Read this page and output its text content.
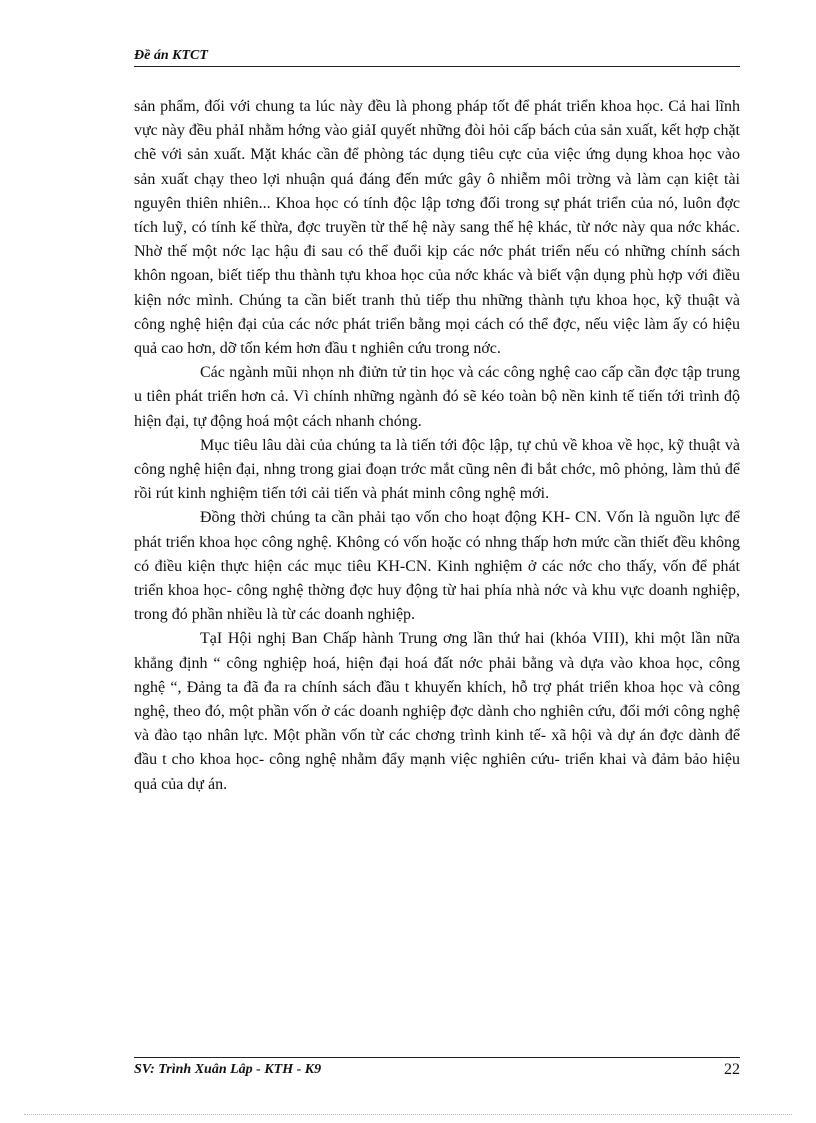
Đề án KTCT

sản phẩm, đối với chung ta lúc này đều là phong pháp tốt để phát triển khoa học. Cả hai lĩnh vực này đều phảI nhằm hớng vào giảI quyết những đòi hỏi cấp bách của sản xuất, kết hợp chặt chẽ với sản xuất. Mặt khác cần để phòng tác dụng tiêu cực của việc ứng dụng khoa học vào sản xuất chạy theo lợi nhuận quá đáng đến mức gây ô nhiễm môi trờng và làm cạn kiệt tài nguyên thiên nhiên... Khoa học có tính độc lập tơng đối trong sự phát triển của nó, luôn đợc tích luỹ, có tính kế thừa, đợc truyền từ thế hệ này sang thế hệ khác, từ nớc này qua nớc khác. Nhờ thế một nớc lạc hậu đi sau có thể đuổi kịp các nớc phát triển nếu có những chính sách khôn ngoan, biết tiếp thu thành tựu khoa học của nớc khác và biết vận dụng phù hợp với điều kiện nớc mình. Chúng ta cần biết tranh thủ tiếp thu những thành tựu khoa học, kỹ thuật và công nghệ hiện đại của các nớc phát triển bằng mọi cách có thể đợc, nếu việc làm ấy có hiệu quả cao hơn, dỡ tốn kém hơn đầu t nghiên cứu trong nớc.

Các ngành mũi nhọn nh điửn tử tin học và các công nghệ cao cấp cần đợc tập trung u tiên phát triển hơn cả. Vì chính những ngành đó sẽ kéo toàn bộ nền kinh tế tiến tới trình độ hiện đại, tự động hoá một cách nhanh chóng.

Mục tiêu lâu dài của chúng ta là tiến tới độc lập, tự chủ về khoa về học, kỹ thuật và công nghệ hiện đại, nhng trong giai đoạn trớc mắt cũng nên đi bắt chớc, mô phỏng, làm thủ để rồi rút kinh nghiệm tiến tới cải tiến và phát minh công nghệ mới.

Đồng thời chúng ta cần phải tạo vốn cho hoạt động KH- CN. Vốn là nguồn lực để phát triển khoa học công nghệ. Không có vốn hoặc có nhng thấp hơn mức cần thiết đều không có điều kiện thực hiện các mục tiêu KH-CN. Kinh nghiệm ở các nớc cho thấy, vốn để phát triển khoa học- công nghệ thờng đợc huy động từ hai phía nhà nớc và khu vực doanh nghiệp, trong đó phần nhiều là từ các doanh nghiệp.

TạI Hội nghị Ban Chấp hành Trung ơng lần thứ hai (khóa VIII), khi một lần nữa khẳng định “ công nghiệp hoá, hiện đại hoá đất nớc phải bằng và dựa vào khoa học, công nghệ “, Đảng ta đã đa ra chính sách đầu t khuyến khích, hỗ trợ phát triển khoa học và công nghệ, theo đó, một phần vốn ở các doanh nghiệp đợc dành cho nghiên cứu, đổi mới công nghệ và đào tạo nhân lực. Một phần vốn từ các chơng trình kinh tế- xã hội và dự án đợc dành để đầu t cho khoa học- công nghệ nhằm đẩy mạnh việc nghiên cứu- triển khai và đảm bảo hiệu quả của dự án.

SV: Trình Xuân Lâp - KTH - K9	22
